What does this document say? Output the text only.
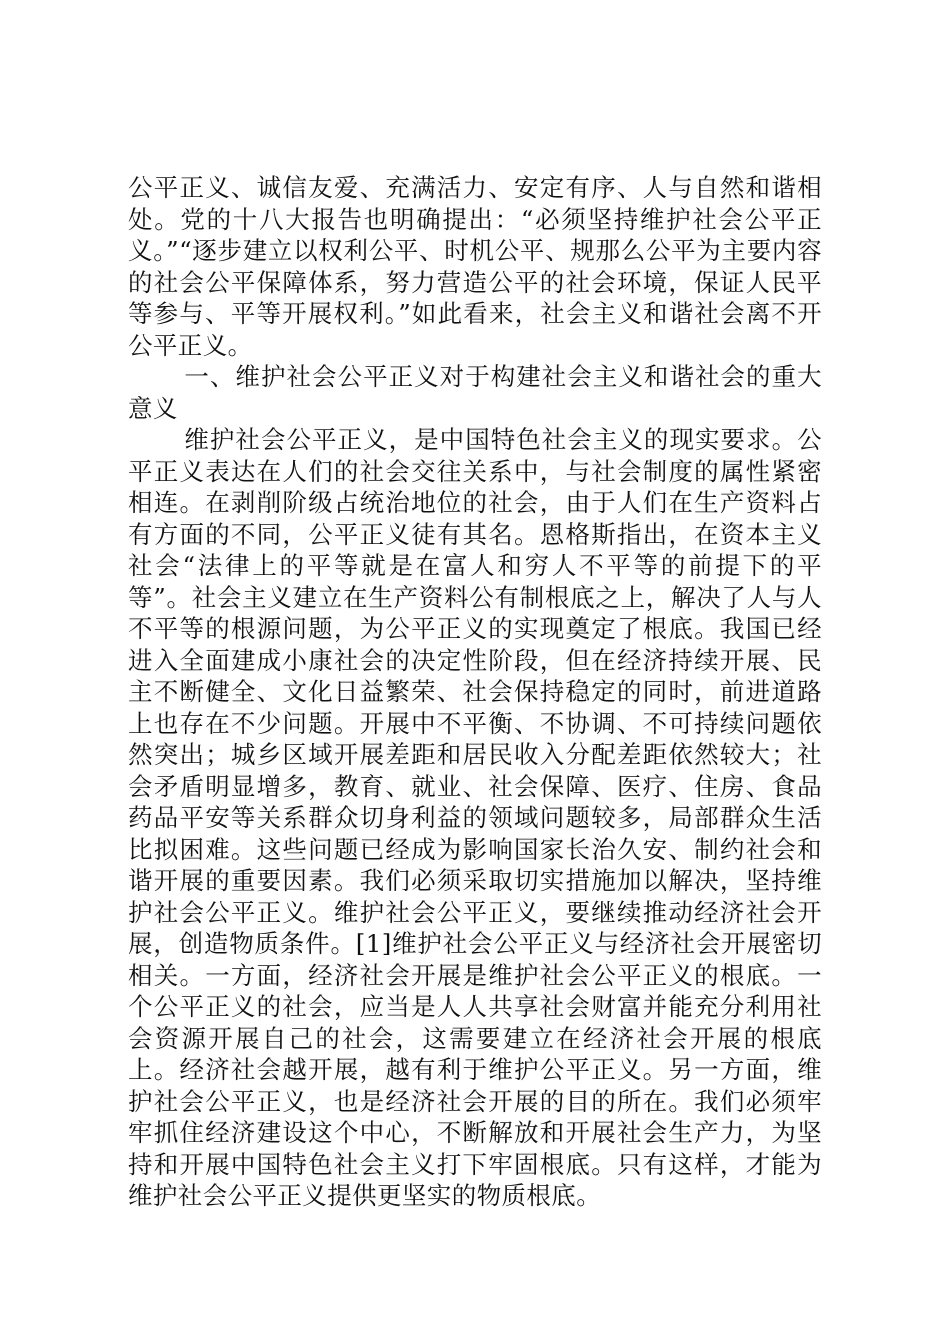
公平正义、诚信友爱、充满活力、安定有序、人与自然和谐相处。党的十八大报告也明确提出：“必须坚持维护社会公平正义。”“逐步建立以权利公平、时机公平、规那么公平为主要内容的社会公平保障体系，努力营造公平的社会环境，保证人民平等参与、平等开展权利。”如此看来，社会主义和谐社会离不开公平正义。

一、维护社会公平正义对于构建社会主义和谐社会的重大意义

维护社会公平正义，是中国特色社会主义的现实要求。公平正义表达在人们的社会交往关系中，与社会制度的属性紧密相连。在剥削阶级占统治地位的社会，由于人们在生产资料占有方面的不同，公平正义徒有其名。恩格斯指出，在资本主义社会“法律上的平等就是在富人和穷人不平等的前提下的平等”。社会主义建立在生产资料公有制根底之上，解决了人与人不平等的根源问题，为公平正义的实现奠定了根底。我国已经进入全面建成小康社会的决定性阶段，但在经济持续开展、民主不断健全、文化日益繁荣、社会保持稳定的同时，前进道路上也存在不少问题。开展中不平衡、不协调、不可持续问题依然突出；城乡区域开展差距和居民收入分配差距依然较大；社会矛盾明显增多，教育、就业、社会保障、医疗、住房、食品药品平安等关系群众切身利益的领域问题较多，局部群众生活比拟困难。这些问题已经成为影响国家长治久安、制约社会和谐开展的重要因素。我们必须采取切实措施加以解决，坚持维护社会公平正义。维护社会公平正义，要继续推动经济社会开展，创造物质条件。[1]维护社会公平正义与经济社会开展密切相关。一方面，经济社会开展是维护社会公平正义的根底。一个公平正义的社会，应当是人人共享社会财富并能充分利用社会资源开展自己的社会，这需要建立在经济社会开展的根底上。经济社会越开展，越有利于维护公平正义。另一方面，维护社会公平正义，也是经济社会开展的目的所在。我们必须牢牢抓住经济建设这个中心，不断解放和开展社会生产力，为坚持和开展中国特色社会主义打下牢固根底。只有这样，才能为维护社会公平正义提供更坚实的物质根底。
